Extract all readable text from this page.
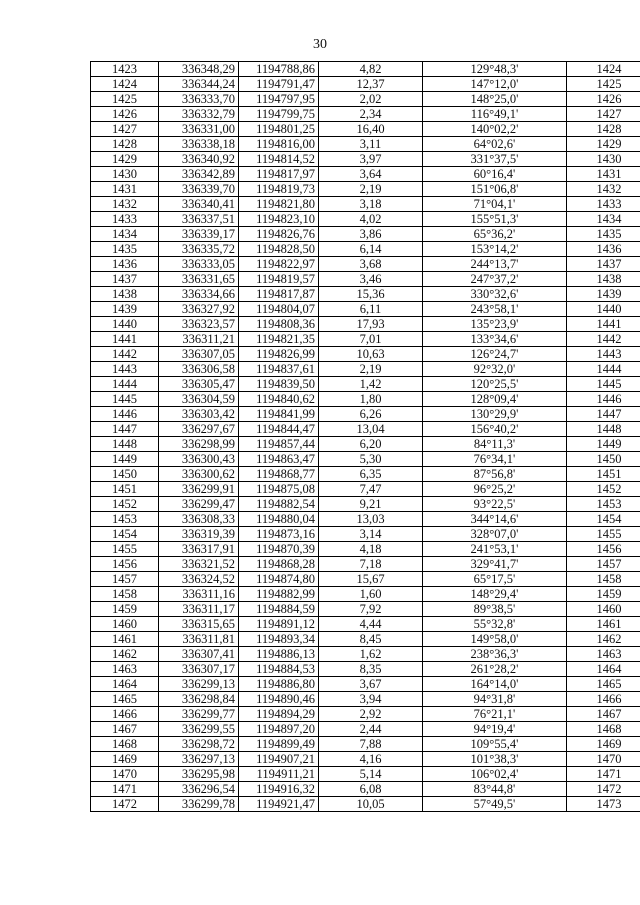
30
1423	336348,29	1194788,86	4,82	129°48,3'	1424
1424	336344,24	1194791,47	12,37	147°12,0'	1425
1425	336333,70	1194797,95	2,02	148°25,0'	1426
1426	336332,79	1194799,75	2,34	116°49,1'	1427
1427	336331,00	1194801,25	16,40	140°02,2'	1428
1428	336338,18	1194816,00	3,11	64°02,6'	1429
1429	336340,92	1194814,52	3,97	331°37,5'	1430
1430	336342,89	1194817,97	3,64	60°16,4'	1431
1431	336339,70	1194819,73	2,19	151°06,8'	1432
1432	336340,41	1194821,80	3,18	71°04,1'	1433
1433	336337,51	1194823,10	4,02	155°51,3'	1434
1434	336339,17	1194826,76	3,86	65°36,2'	1435
1435	336335,72	1194828,50	6,14	153°14,2'	1436
1436	336333,05	1194822,97	3,68	244°13,7'	1437
1437	336331,65	1194819,57	3,46	247°37,2'	1438
1438	336334,66	1194817,87	15,36	330°32,6'	1439
1439	336327,92	1194804,07	6,11	243°58,1'	1440
1440	336323,57	1194808,36	17,93	135°23,9'	1441
1441	336311,21	1194821,35	7,01	133°34,6'	1442
1442	336307,05	1194826,99	10,63	126°24,7'	1443
1443	336306,58	1194837,61	2,19	92°32,0'	1444
1444	336305,47	1194839,50	1,42	120°25,5'	1445
1445	336304,59	1194840,62	1,80	128°09,4'	1446
1446	336303,42	1194841,99	6,26	130°29,9'	1447
1447	336297,67	1194844,47	13,04	156°40,2'	1448
1448	336298,99	1194857,44	6,20	84°11,3'	1449
1449	336300,43	1194863,47	5,30	76°34,1'	1450
1450	336300,62	1194868,77	6,35	87°56,8'	1451
1451	336299,91	1194875,08	7,47	96°25,2'	1452
1452	336299,47	1194882,54	9,21	93°22,5'	1453
1453	336308,33	1194880,04	13,03	344°14,6'	1454
1454	336319,39	1194873,16	3,14	328°07,0'	1455
1455	336317,91	1194870,39	4,18	241°53,1'	1456
1456	336321,52	1194868,28	7,18	329°41,7'	1457
1457	336324,52	1194874,80	15,67	65°17,5'	1458
1458	336311,16	1194882,99	1,60	148°29,4'	1459
1459	336311,17	1194884,59	7,92	89°38,5'	1460
1460	336315,65	1194891,12	4,44	55°32,8'	1461
1461	336311,81	1194893,34	8,45	149°58,0'	1462
1462	336307,41	1194886,13	1,62	238°36,3'	1463
1463	336307,17	1194884,53	8,35	261°28,2'	1464
1464	336299,13	1194886,80	3,67	164°14,0'	1465
1465	336298,84	1194890,46	3,94	94°31,8'	1466
1466	336299,77	1194894,29	2,92	76°21,1'	1467
1467	336299,55	1194897,20	2,44	94°19,4'	1468
1468	336298,72	1194899,49	7,88	109°55,4'	1469
1469	336297,13	1194907,21	4,16	101°38,3'	1470
1470	336295,98	1194911,21	5,14	106°02,4'	1471
1471	336296,54	1194916,32	6,08	83°44,8'	1472
1472	336299,78	1194921,47	10,05	57°49,5'	1473
